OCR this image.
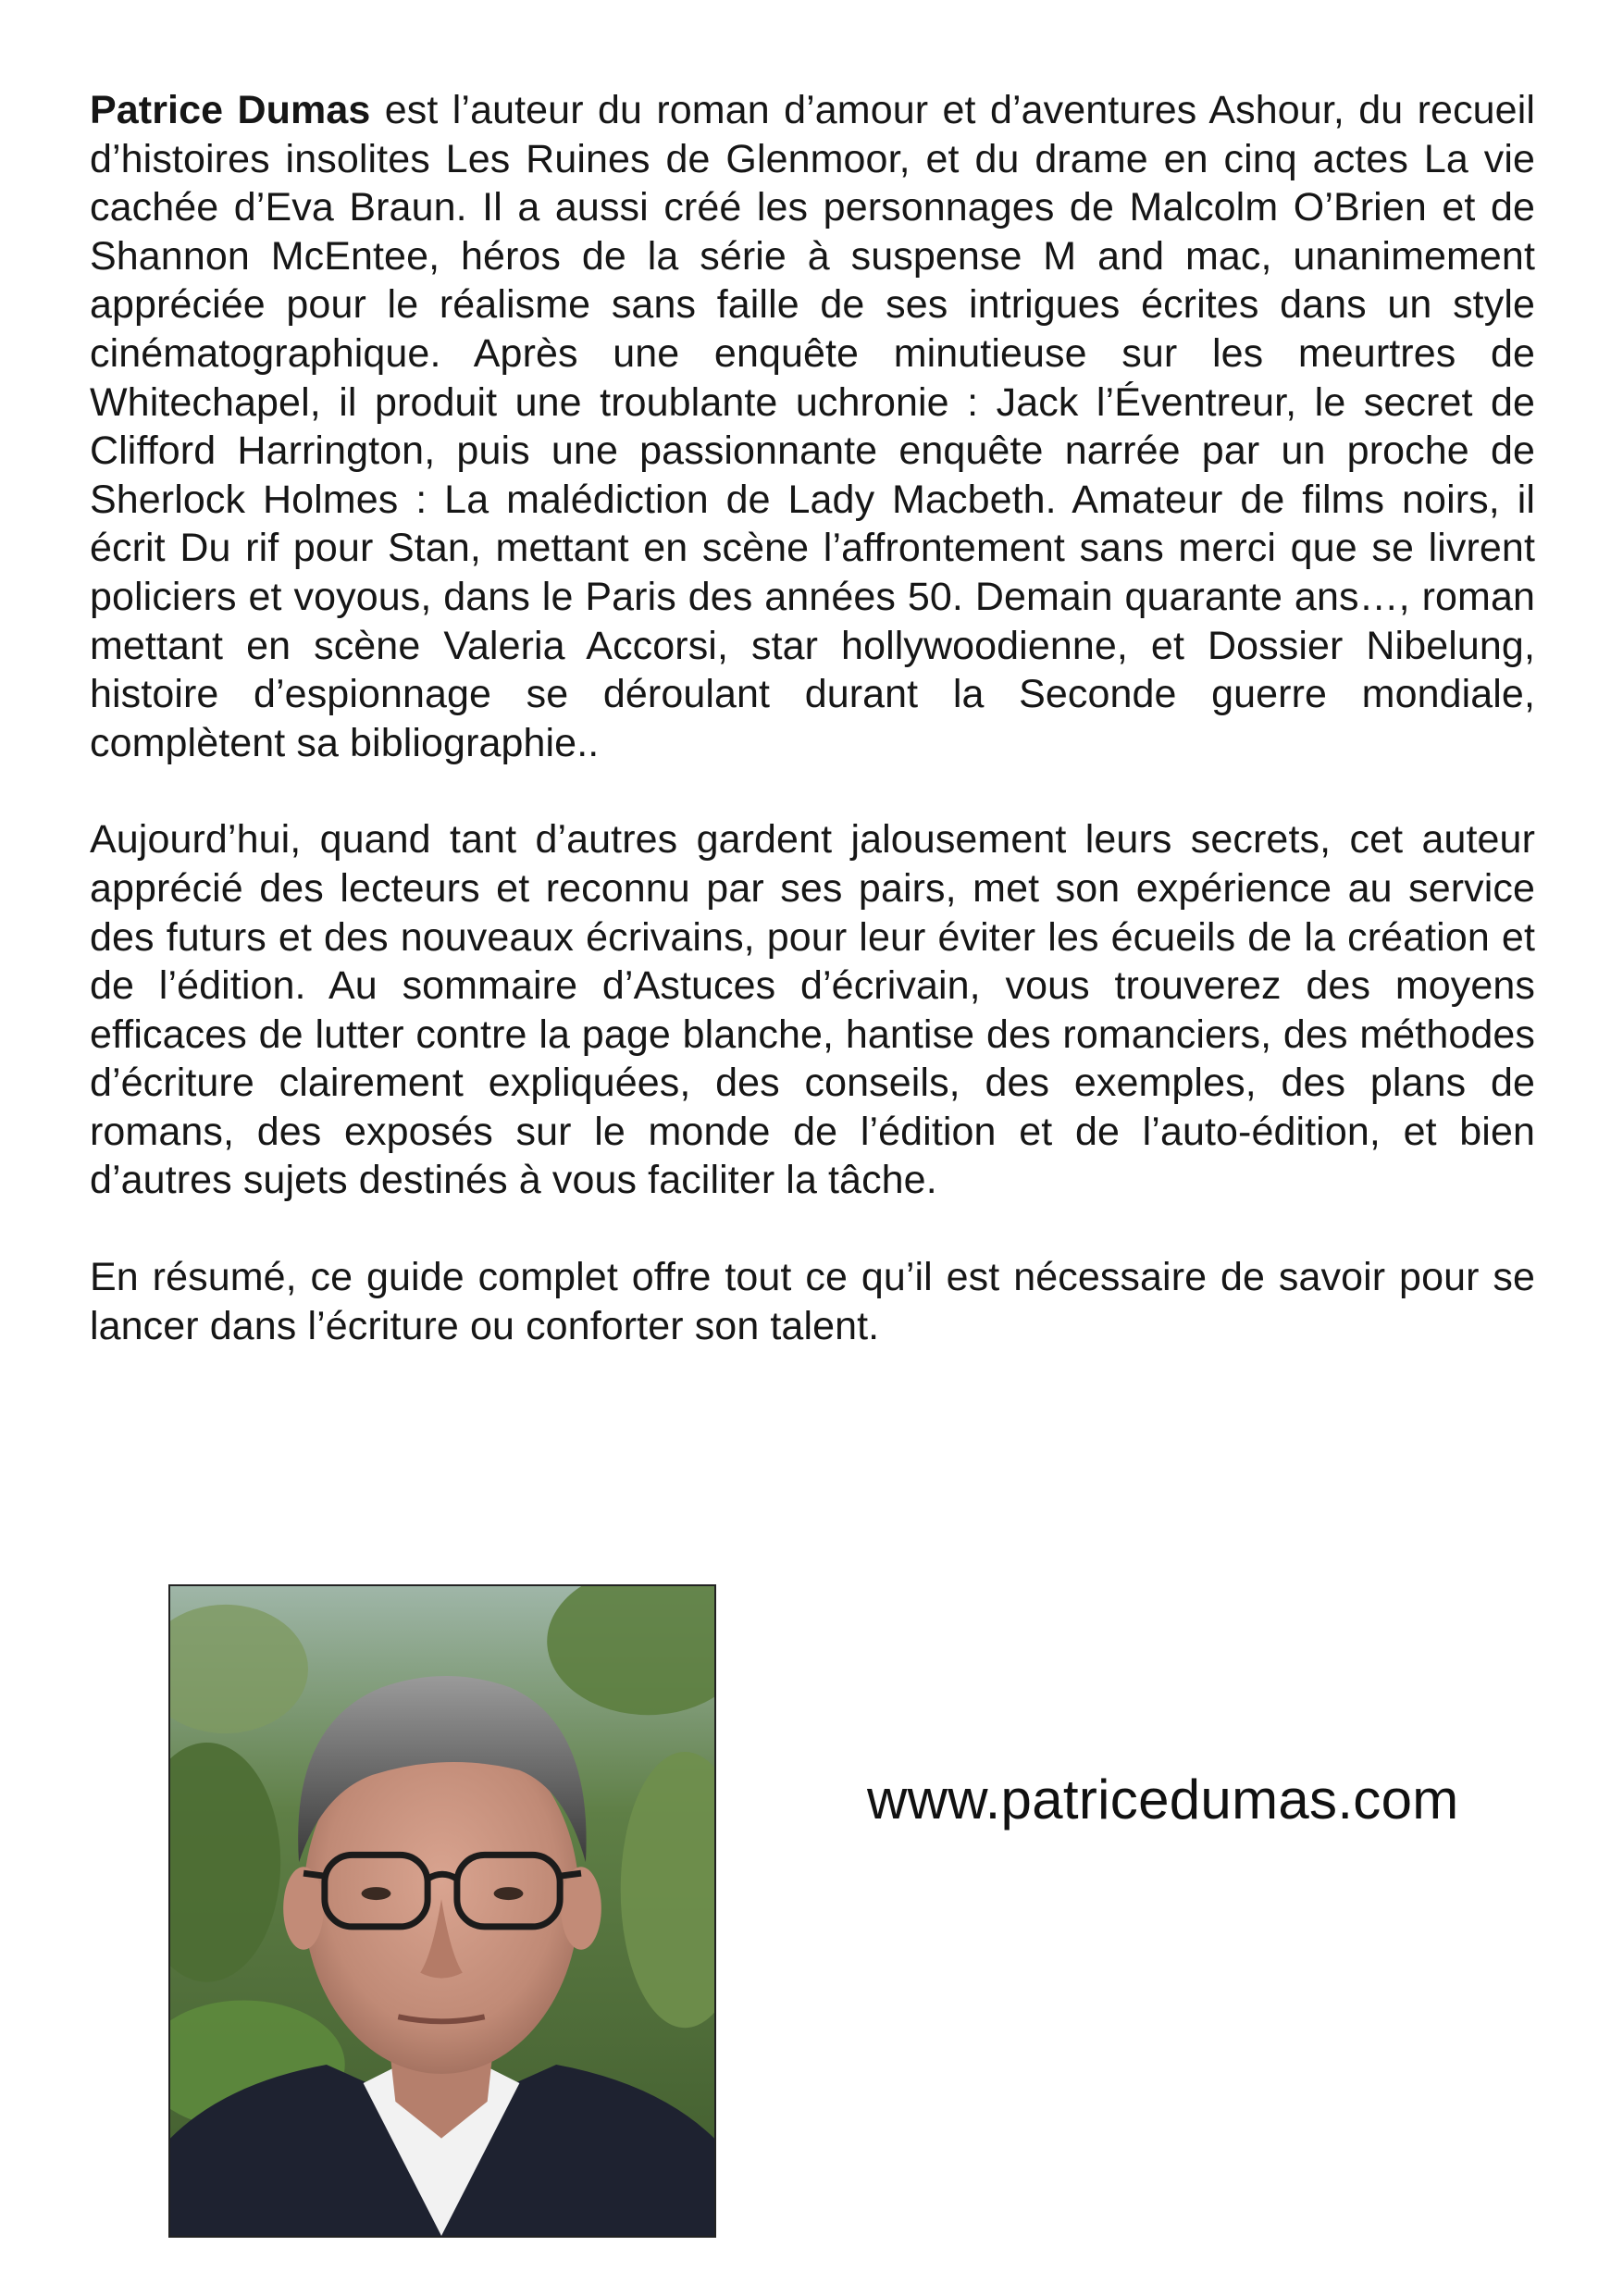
Patrice Dumas est l’auteur du roman d’amour et d’aventures Ashour, du recueil d’histoires insolites Les Ruines de Glenmoor, et du drame en cinq actes La vie cachée d’Eva Braun. Il a aussi créé les personnages de Malcolm O’Brien et de Shannon McEntee, héros de la série à suspense M and mac, unanimement appréciée pour le réalisme sans faille de ses intrigues écrites dans un style cinématographique. Après une enquête minutieuse sur les meurtres de Whitechapel, il produit une troublante uchronie : Jack l’Éventreur, le secret de Clifford Harrington, puis une passionnante enquête narrée par un proche de Sherlock Holmes : La malédiction de Lady Macbeth. Amateur de films noirs, il écrit Du rif pour Stan, mettant en scène l’affrontement sans merci que se livrent policiers et voyous, dans le Paris des années 50. Demain quarante ans…, roman mettant en scène Valeria Accorsi, star hollywoodienne, et Dossier Nibelung, histoire d’espionnage se déroulant durant la Seconde guerre mondiale, complètent sa bibliographie..

Aujourd’hui, quand tant d’autres gardent jalousement leurs secrets, cet auteur apprécié des lecteurs et reconnu par ses pairs, met son expérience au service des futurs et des nouveaux écrivains, pour leur éviter les écueils de la création et de l’édition. Au sommaire d’Astuces d’écrivain, vous trouverez des moyens efficaces de lutter contre la page blanche, hantise des romanciers, des méthodes d’écriture clairement expliquées, des conseils, des exemples, des plans de romans, des exposés sur le monde de l’édition et de l’auto-édition, et bien d’autres sujets destinés à vous faciliter la tâche.

En résumé, ce guide complet offre tout ce qu’il est nécessaire de savoir pour se lancer dans l’écriture ou conforter son talent.

www.patricedumas.com
